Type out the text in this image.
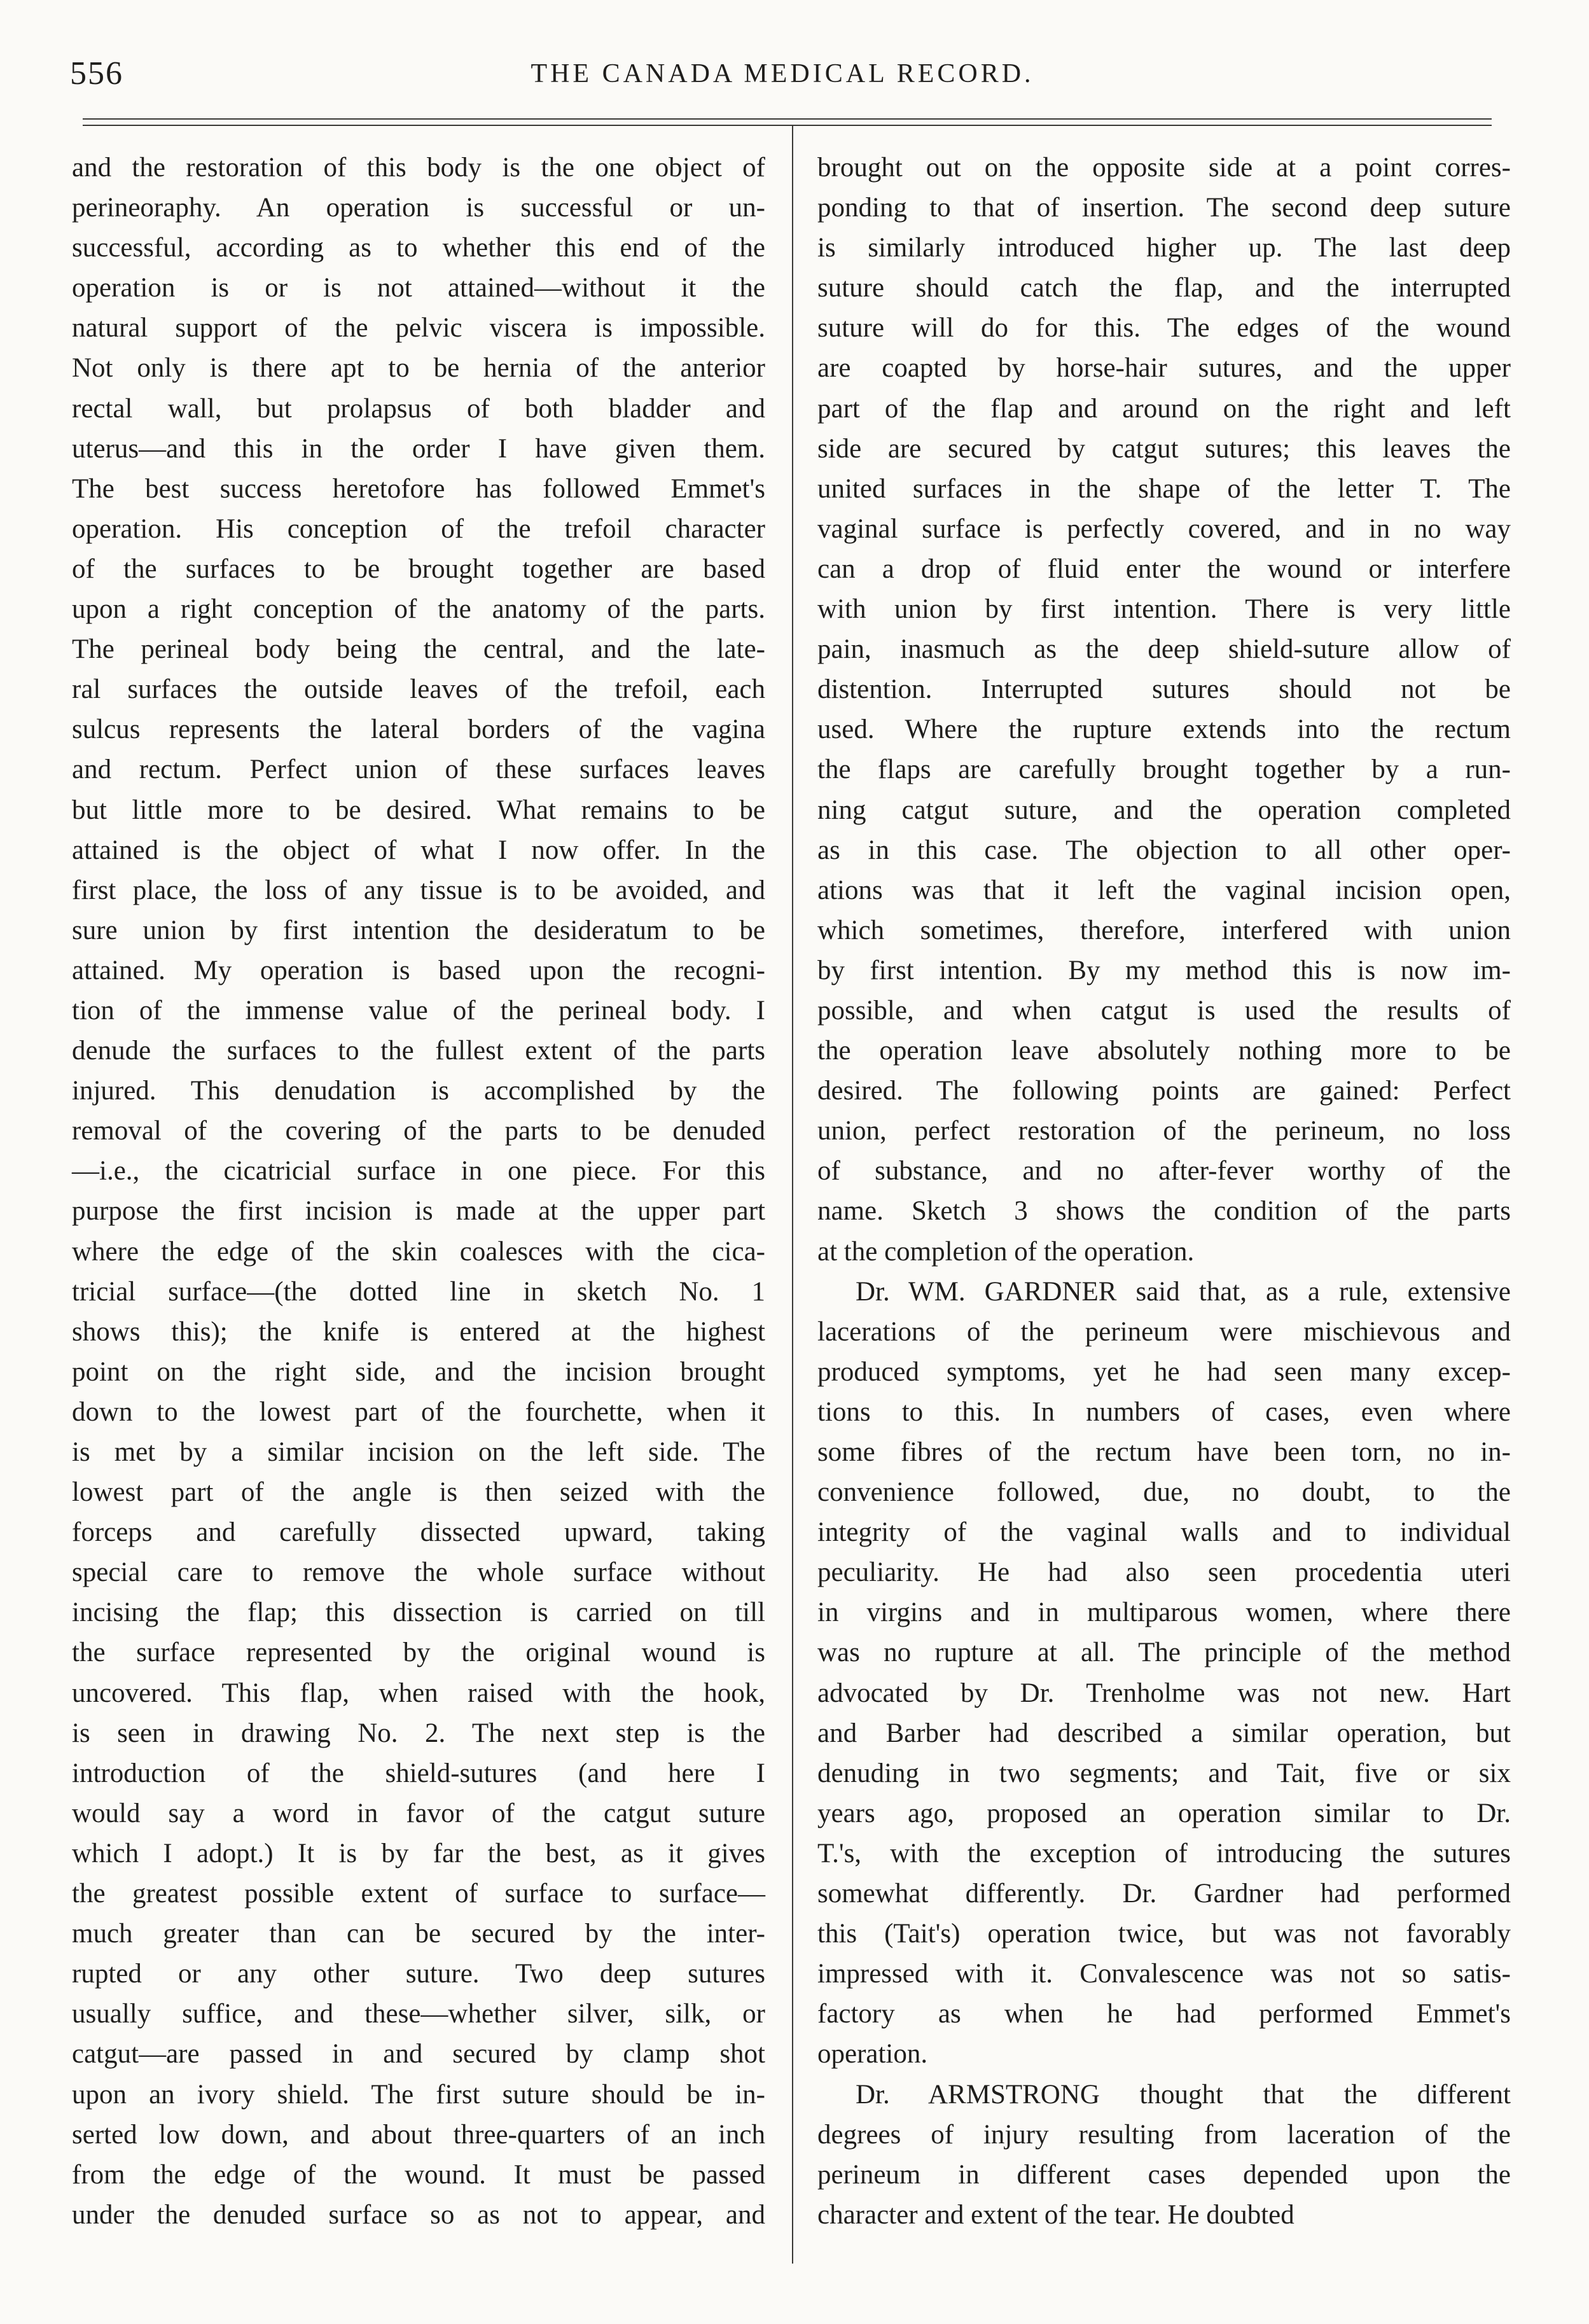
556	THE CANADA MEDICAL RECORD.
and the restoration of this body is the one object of
perineoraphy. An operation is successful or un-
successful, according as to whether this end of the
operation is or is not attained—without it the
natural support of the pelvic viscera is impossible.
Not only is there apt to be hernia of the anterior
rectal wall, but prolapsus of both bladder and
uterus—and this in the order I have given them.
The best success heretofore has followed Emmet's
operation. His conception of the trefoil character
of the surfaces to be brought together are based
upon a right conception of the anatomy of the parts.
The perineal body being the central, and the late-
ral surfaces the outside leaves of the trefoil, each
sulcus represents the lateral borders of the vagina
and rectum. Perfect union of these surfaces leaves
but little more to be desired. What remains to be
attained is the object of what I now offer. In the
first place, the loss of any tissue is to be avoided, and
sure union by first intention the desideratum to be
attained. My operation is based upon the recogni-
tion of the immense value of the perineal body. I
denude the surfaces to the fullest extent of the parts
injured. This denudation is accomplished by the
removal of the covering of the parts to be denuded
—i.e., the cicatricial surface in one piece. For this
purpose the first incision is made at the upper part
where the edge of the skin coalesces with the cica-
tricial surface—(the dotted line in sketch No. 1
shows this); the knife is entered at the highest
point on the right side, and the incision brought
down to the lowest part of the fourchette, when it
is met by a similar incision on the left side. The
lowest part of the angle is then seized with the
forceps and carefully dissected upward, taking
special care to remove the whole surface without
incising the flap; this dissection is carried on till
the surface represented by the original wound is
uncovered. This flap, when raised with the hook,
is seen in drawing No. 2. The next step is the
introduction of the shield-sutures (and here I
would say a word in favor of the catgut suture
which I adopt.) It is by far the best, as it gives
the greatest possible extent of surface to surface—
much greater than can be secured by the inter-
rupted or any other suture. Two deep sutures
usually suffice, and these—whether silver, silk, or
catgut—are passed in and secured by clamp shot
upon an ivory shield. The first suture should be in-
serted low down, and about three-quarters of an inch
from the edge of the wound. It must be passed
under the denuded surface so as not to appear, and
brought out on the opposite side at a point corres-
ponding to that of insertion. The second deep suture
is similarly introduced higher up. The last deep
suture should catch the flap, and the interrupted
suture will do for this. The edges of the wound
are coapted by horse-hair sutures, and the upper
part of the flap and around on the right and left
side are secured by catgut sutures; this leaves the
united surfaces in the shape of the letter T. The
vaginal surface is perfectly covered, and in no way
can a drop of fluid enter the wound or interfere
with union by first intention. There is very little
pain, inasmuch as the deep shield-suture allow of
distention. Interrupted sutures should not be
used. Where the rupture extends into the rectum
the flaps are carefully brought together by a run-
ning catgut suture, and the operation completed
as in this case. The objection to all other oper-
ations was that it left the vaginal incision open,
which sometimes, therefore, interfered with union
by first intention. By my method this is now im-
possible, and when catgut is used the results of
the operation leave absolutely nothing more to be
desired. The following points are gained: Perfect
union, perfect restoration of the perineum, no loss
of substance, and no after-fever worthy of the
name. Sketch 3 shows the condition of the parts
at the completion of the operation.
Dr. WM. GARDNER said that, as a rule, extensive
lacerations of the perineum were mischievous and
produced symptoms, yet he had seen many excep-
tions to this. In numbers of cases, even where
some fibres of the rectum have been torn, no in-
convenience followed, due, no doubt, to the
integrity of the vaginal walls and to individual
peculiarity. He had also seen procedentia uteri
in virgins and in multiparous women, where there
was no rupture at all. The principle of the method
advocated by Dr. Trenholme was not new. Hart
and Barber had described a similar operation, but
denuding in two segments; and Tait, five or six
years ago, proposed an operation similar to Dr.
T.'s, with the exception of introducing the sutures
somewhat differently. Dr. Gardner had performed
this (Tait's) operation twice, but was not favorably
impressed with it. Convalescence was not so satis-
factory as when he had performed Emmet's
operation.
Dr. ARMSTRONG thought that the different
degrees of injury resulting from laceration of the
perineum in different cases depended upon the
character and extent of the tear. He doubted
